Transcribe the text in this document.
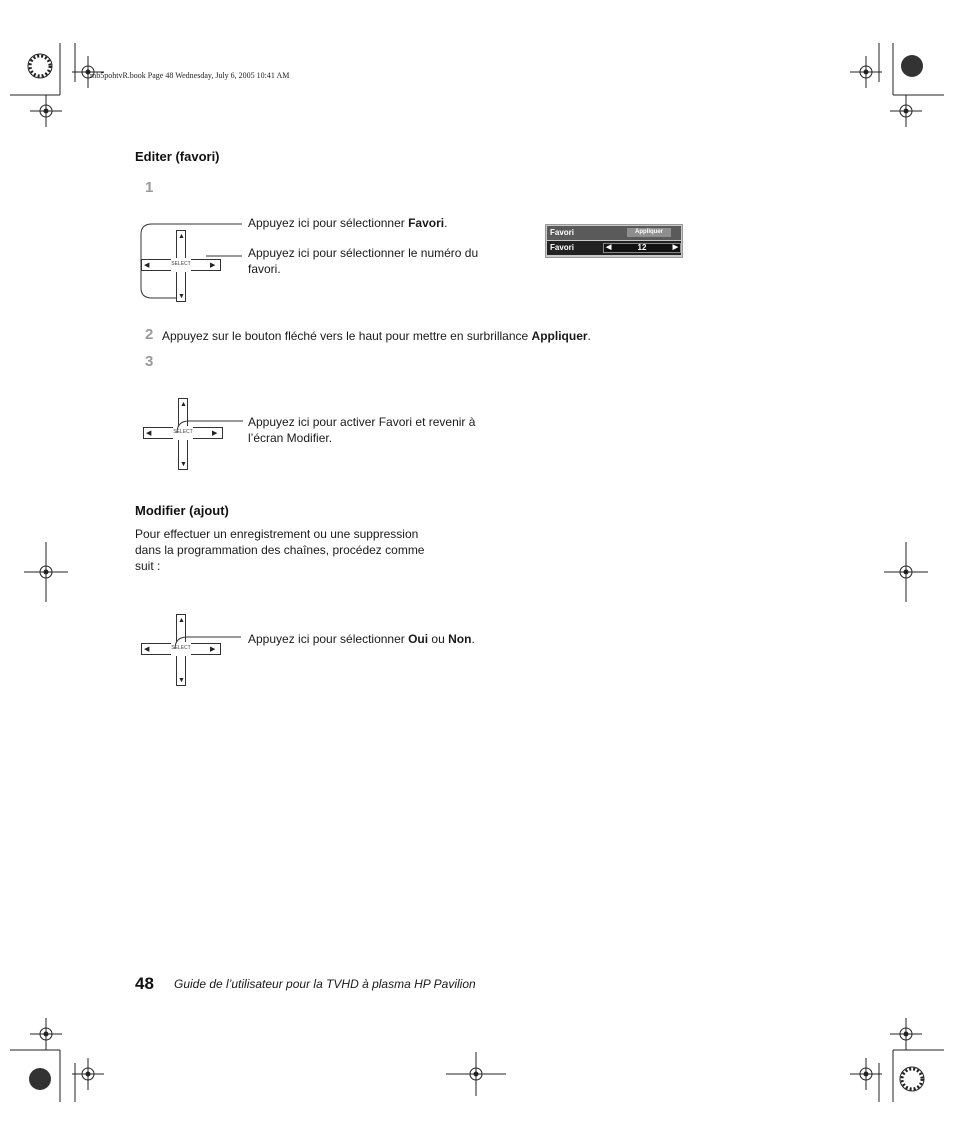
mb5pohtvR.book Page 48 Wednesday, July 6, 2005 10:41 AM
Editer (favori)
1
SELECT
▲
▼
◀	▶
Appuyez ici pour sélectionner Favori.
Appuyez ici pour sélectionner le numéro du favori.
Favori	Appliquer
Favori	◀	12	▶
2 Appuyez sur le bouton fléché vers le haut pour mettre en surbrillance Appliquer.
3
SELECT
▲
▼
◀	▶
Appuyez ici pour activer Favori et revenir à l’écran Modifier.
Modifier (ajout)
Pour effectuer un enregistrement ou une suppression dans la programmation des chaînes, procédez comme suit :
SELECT
▲
▼
◀	▶
Appuyez ici pour sélectionner Oui ou Non.
48 Guide de l’utilisateur pour la TVHD à plasma HP Pavilion
